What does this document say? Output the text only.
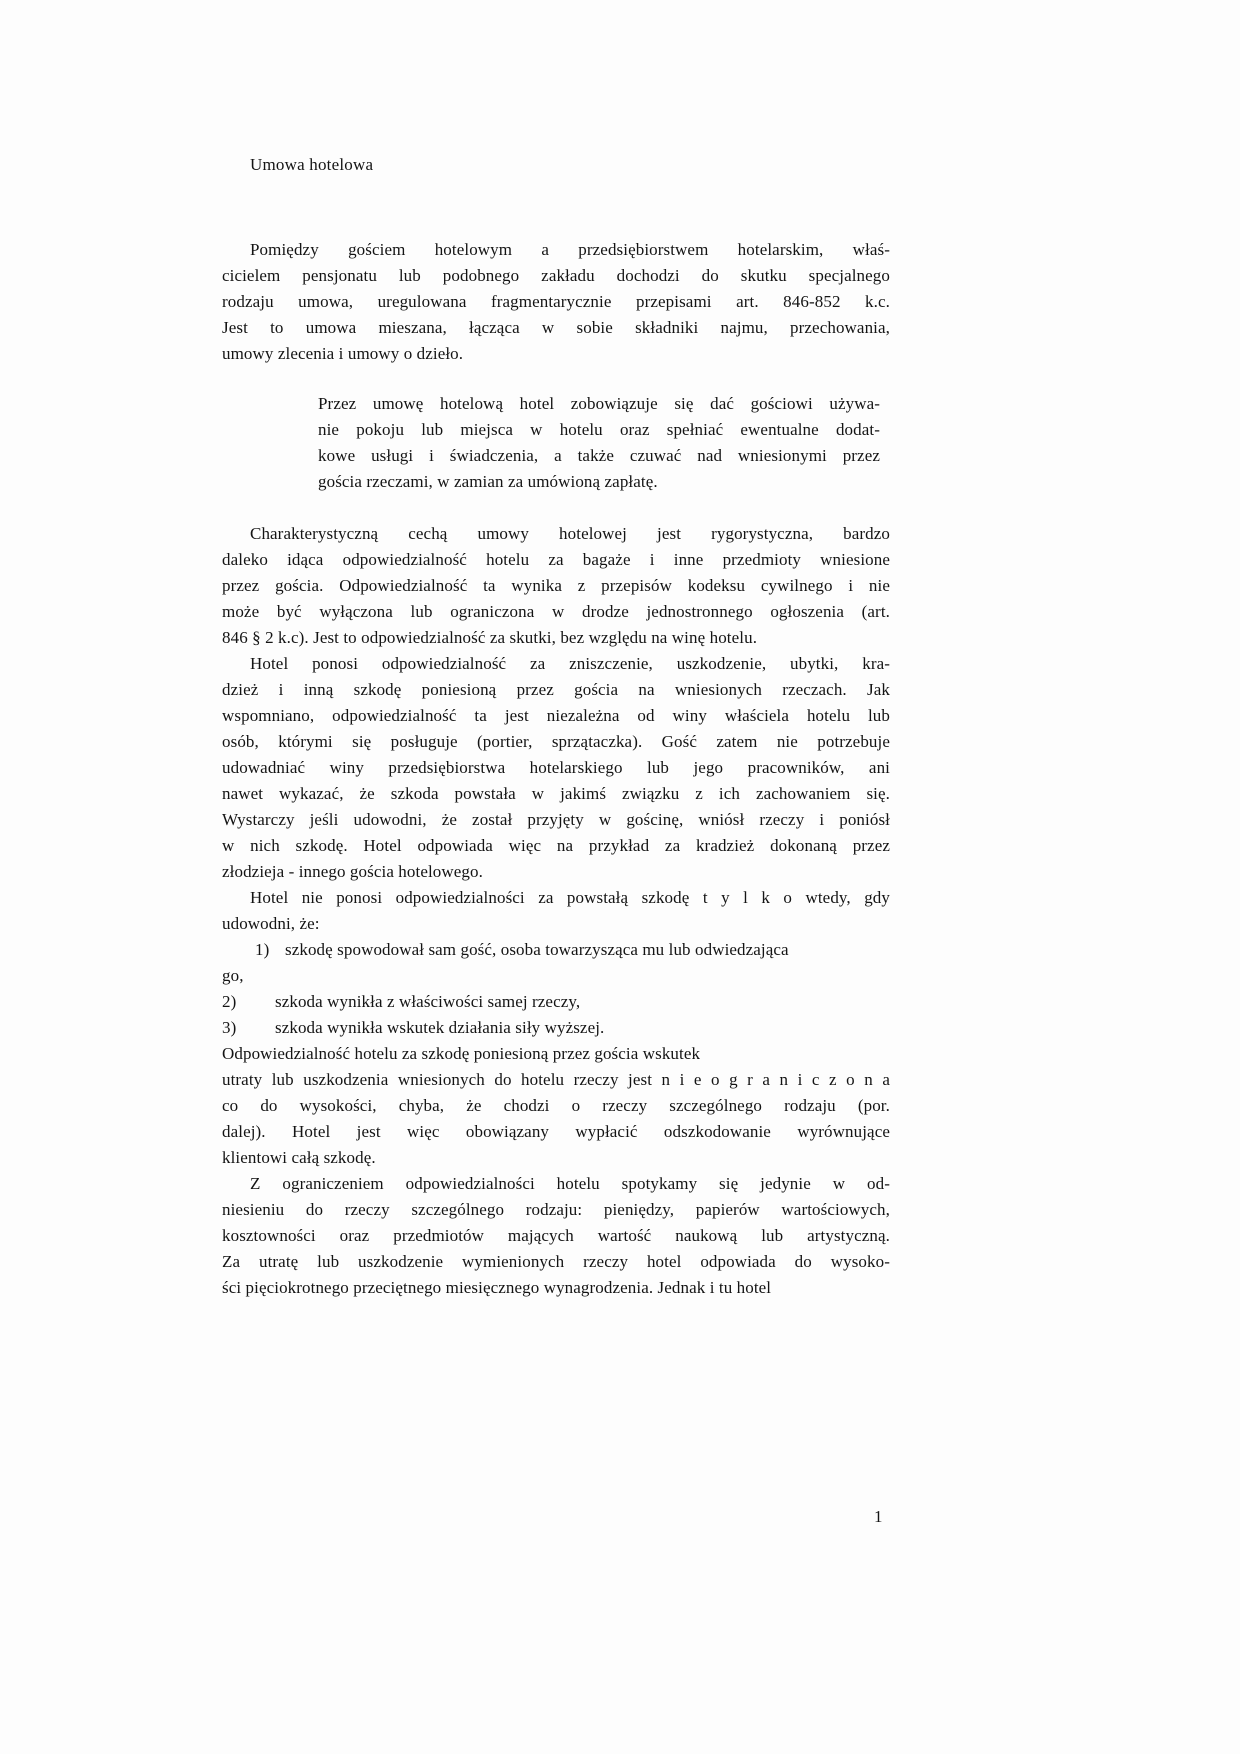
Umowa hotelowa
Pomiędzy gościem hotelowym a przedsiębiorstwem hotelarskim, właś-
cicielem pensjonatu lub podobnego zakładu dochodzi do skutku specjalnego
rodzaju umowa, uregulowana fragmentarycznie przepisami art. 846-852 k.c.
Jest to umowa mieszana, łącząca w sobie składniki najmu, przechowania,
umowy zlecenia i umowy o dzieło.
Przez umowę hotelową hotel zobowiązuje się dać gościowi używa-
nie pokoju lub miejsca w hotelu oraz spełniać ewentualne dodat-
kowe usługi i świadczenia, a także czuwać nad wniesionymi przez
gościa rzeczami, w zamian za umówioną zapłatę.
Charakterystyczną cechą umowy hotelowej jest rygorystyczna, bardzo
daleko idąca odpowiedzialność hotelu za bagaże i inne przedmioty wniesione
przez gościa. Odpowiedzialność ta wynika z przepisów kodeksu cywilnego i nie
może być wyłączona lub ograniczona w drodze jednostronnego ogłoszenia (art.
846 § 2 k.c). Jest to odpowiedzialność za skutki, bez względu na winę hotelu.
Hotel ponosi odpowiedzialność za zniszczenie, uszkodzenie, ubytki, kra-
dzież i inną szkodę poniesioną przez gościa na wniesionych rzeczach. Jak
wspomniano, odpowiedzialność ta jest niezależna od winy właściela hotelu lub
osób, którymi się posługuje (portier, sprzątaczka). Gość zatem nie potrzebuje
udowadniać winy przedsiębiorstwa hotelarskiego lub jego pracowników, ani
nawet wykazać, że szkoda powstała w jakimś związku z ich zachowaniem się.
Wystarczy jeśli udowodni, że został przyjęty w gościnę, wniósł rzeczy i poniósł
w nich szkodę. Hotel odpowiada więc na przykład za kradzież dokonaną przez
złodzieja - innego gościa hotelowego.
Hotel nie ponosi odpowiedzialności za powstałą szkodę t y l k o wtedy, gdy
udowodni, że:
1) szkodę spowodował sam gość, osoba towarzysząca mu lub odwiedzająca
go,
2) szkoda wynikła z właściwości samej rzeczy,
3) szkoda wynikła wskutek działania siły wyższej.
Odpowiedzialność hotelu za szkodę poniesioną przez gościa wskutek
utraty lub uszkodzenia wniesionych do hotelu rzeczy jest n i e o g r a n i c z o n a
co do wysokości, chyba, że chodzi o rzeczy szczególnego rodzaju (por.
dalej). Hotel jest więc obowiązany wypłacić odszkodowanie wyrównujące
klientowi całą szkodę.
Z ograniczeniem odpowiedzialności hotelu spotykamy się jedynie w od-
niesieniu do rzeczy szczególnego rodzaju: pieniędzy, papierów wartościowych,
kosztowności oraz przedmiotów mających wartość naukową lub artystyczną.
Za utratę lub uszkodzenie wymienionych rzeczy hotel odpowiada do wysoko-
ści pięciokrotnego przeciętnego miesięcznego wynagrodzenia. Jednak i tu hotel
1
